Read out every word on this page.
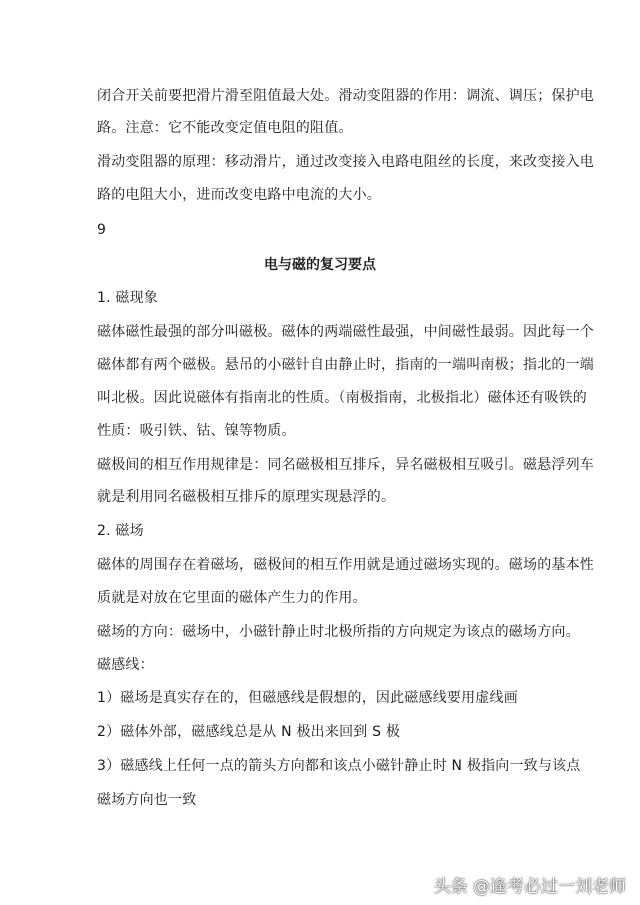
闭合开关前要把滑片滑至阻值最大处。滑动变阻器的作用：调流、调压；保护电
路。注意：它不能改变定值电阻的阻值。
滑动变阻器的原理：移动滑片，通过改变接入电路电阻丝的长度，来改变接入电
路的电阻大小，进而改变电路中电流的大小。
9
电与磁的复习要点
1. 磁现象
磁体磁性最强的部分叫磁极。磁体的两端磁性最强，中间磁性最弱。因此每一个
磁体都有两个磁极。悬吊的小磁针自由静止时，指南的一端叫南极；指北的一端
叫北极。因此说磁体有指南北的性质。（南极指南，北极指北）磁体还有吸铁的
性质：吸引铁、钴、镍等物质。
磁极间的相互作用规律是：同名磁极相互排斥，异名磁极相互吸引。磁悬浮列车
就是利用同名磁极相互排斥的原理实现悬浮的。
2. 磁场
磁体的周围存在着磁场，磁极间的相互作用就是通过磁场实现的。磁场的基本性
质就是对放在它里面的磁体产生力的作用。
磁场的方向：磁场中，小磁针静止时北极所指的方向规定为该点的磁场方向。
磁感线：
1）磁场是真实存在的，但磁感线是假想的，因此磁感线要用虚线画
2）磁体外部，磁感线总是从 N 极出来回到 S 极
3）磁感线上任何一点的箭头方向都和该点小磁针静止时 N 极指向一致与该点
磁场方向也一致
头条 @逢考必过一刘老师
